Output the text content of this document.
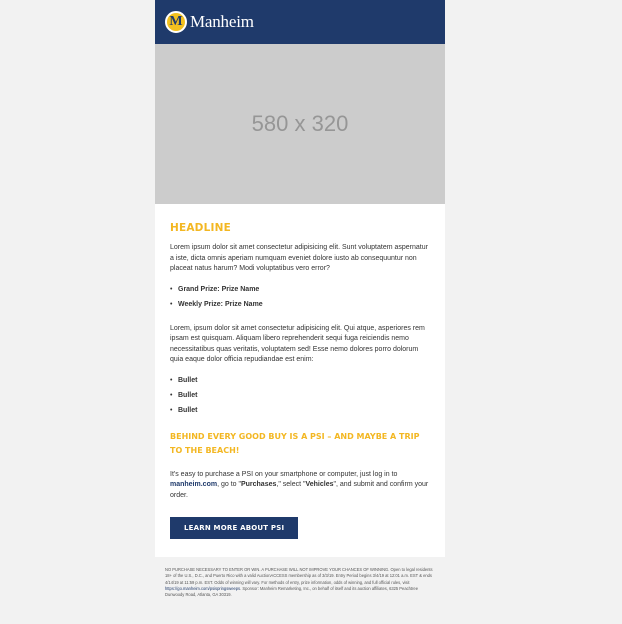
M Manheim
580 x 320
HEADLINE

Lorem ipsum dolor sit amet consectetur adipisicing elit. Sunt voluptatem aspernatur a iste, dicta omnis aperiam numquam eveniet dolore iusto ab consequuntur non placeat natus harum? Modi voluptatibus vero error?

• Grand Prize: Prize Name
• Weekly Prize: Prize Name

Lorem, ipsum dolor sit amet consectetur adipisicing elit. Qui atque, asperiores rem ipsam est quisquam. Aliquam libero reprehenderit sequi fuga reiciendis nemo necessitatibus quas veritatis, voluptatem sed! Esse nemo dolores porro dolorum quia eaque dolor officia repudiandae est enim:

• Bullet
• Bullet
• Bullet
BEHIND EVERY GOOD BUY IS A PSI – AND MAYBE A TRIP TO THE BEACH!

It's easy to purchase a PSI on your smartphone or computer, just log in to manheim.com, go to "Purchases," select "Vehicles", and submit and confirm your order.

LEARN MORE ABOUT PSI
NO PURCHASE NECESSARY TO ENTER OR WIN. A PURCHASE WILL NOT IMPROVE YOUR CHANCES OF WINNING. Open to legal residents 18+ of the U.S., D.C., and Puerto Rico with a valid AuctionACCESS membership as of 3/3/19. Entry Period begins 3/4/19 at 12:01 a.m. EST & ends 4/14/19 at 11:59 p.m. EST. Odds of winning will vary. For methods of entry, prize information, odds of winning, and full official rules, visit https://go.manheim.com/psispringsweeps. Sponsor: Manheim Remarketing, Inc., on behalf of itself and its auction affiliates, 6325 Peachtree Dunwoody Road, Atlanta, GA 30319.
